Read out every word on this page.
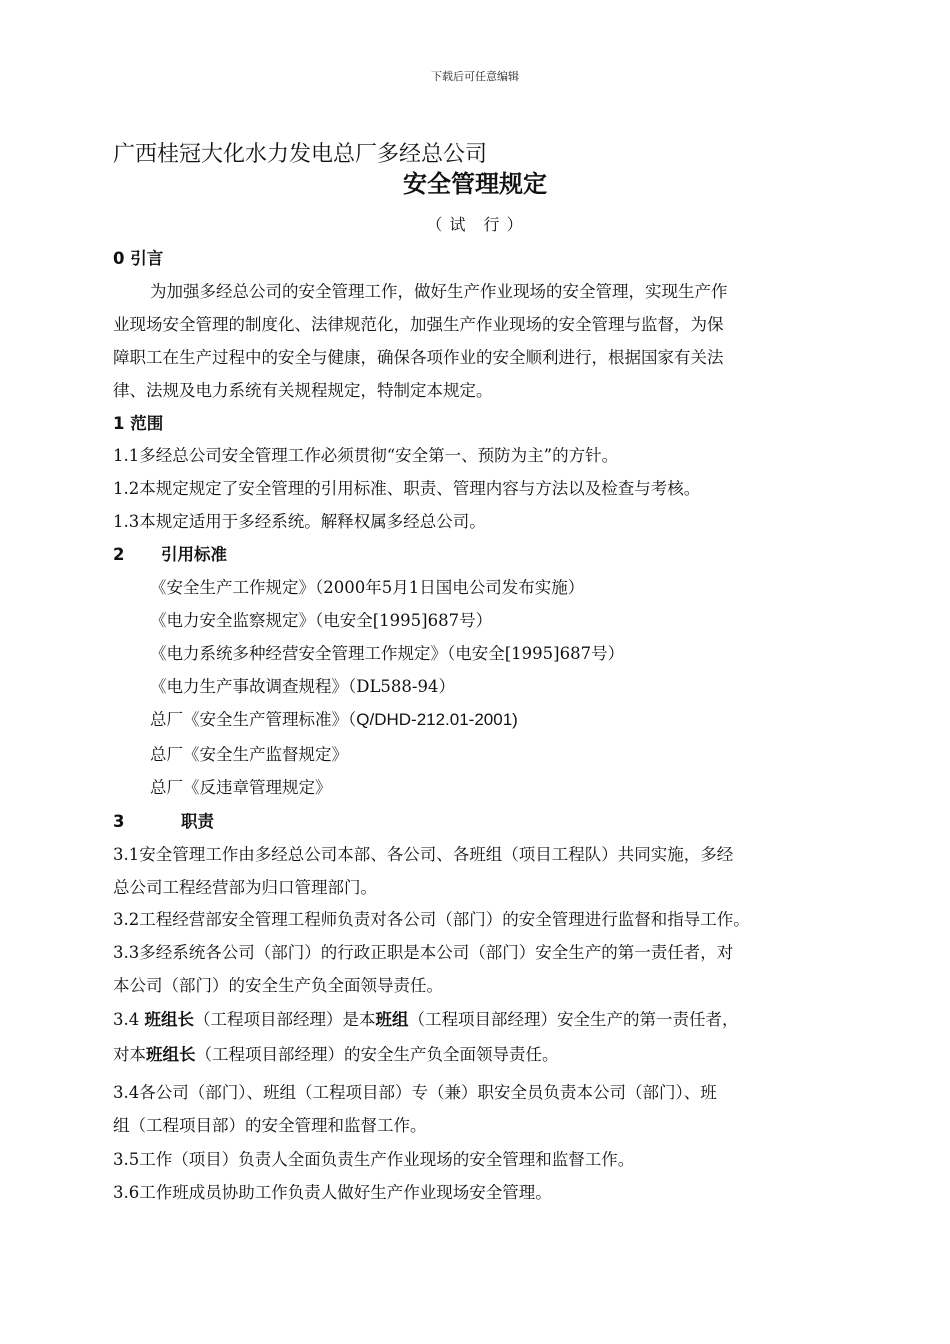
下载后可任意编辑
广西桂冠大化水力发电总厂多经总公司
安全管理规定
（ 试　行 ）
0 引言
为加强多经总公司的安全管理工作，做好生产作业现场的安全管理，实现生产作
业现场安全管理的制度化、法律规范化，加强生产作业现场的安全管理与监督，为保
障职工在生产过程中的安全与健康，确保各项作业的安全顺利进行，根据国家有关法
律、法规及电力系统有关规程规定，特制定本规定。
1 范围
1.1多经总公司安全管理工作必须贯彻“安全第一、预防为主”的方针。
1.2本规定规定了安全管理的引用标准、职责、管理内容与方法以及检查与考核。
1.3本规定适用于多经系统。解释权属多经总公司。
2 引用标准
《安全生产工作规定》（2000年5月1日国电公司发布实施）
《电力安全监察规定》（电安全[1995]687号）
《电力系统多种经营安全管理工作规定》（电安全[1995]687号）
《电力生产事故调查规程》（DL588-94）
总厂《安全生产管理标准》（Q/DHD-212.01-2001)
总厂《安全生产监督规定》
总厂《反违章管理规定》
3	职责
3.1安全管理工作由多经总公司本部、各公司、各班组（项目工程队）共同实施，多经
总公司工程经营部为归口管理部门。
3.2工程经营部安全管理工程师负责对各公司（部门）的安全管理进行监督和指导工作。
3.3多经系统各公司（部门）的行政正职是本公司（部门）安全生产的第一责任者，对
本公司（部门）的安全生产负全面领导责任。
3.4 班组长（工程项目部经理）是本班组（工程项目部经理）安全生产的第一责任者，
对本班组长（工程项目部经理）的安全生产负全面领导责任。
3.4各公司（部门）、班组（工程项目部）专（兼）职安全员负责本公司（部门）、班
组（工程项目部）的安全管理和监督工作。
3.5工作（项目）负责人全面负责生产作业现场的安全管理和监督工作。
3.6工作班成员协助工作负责人做好生产作业现场安全管理。
